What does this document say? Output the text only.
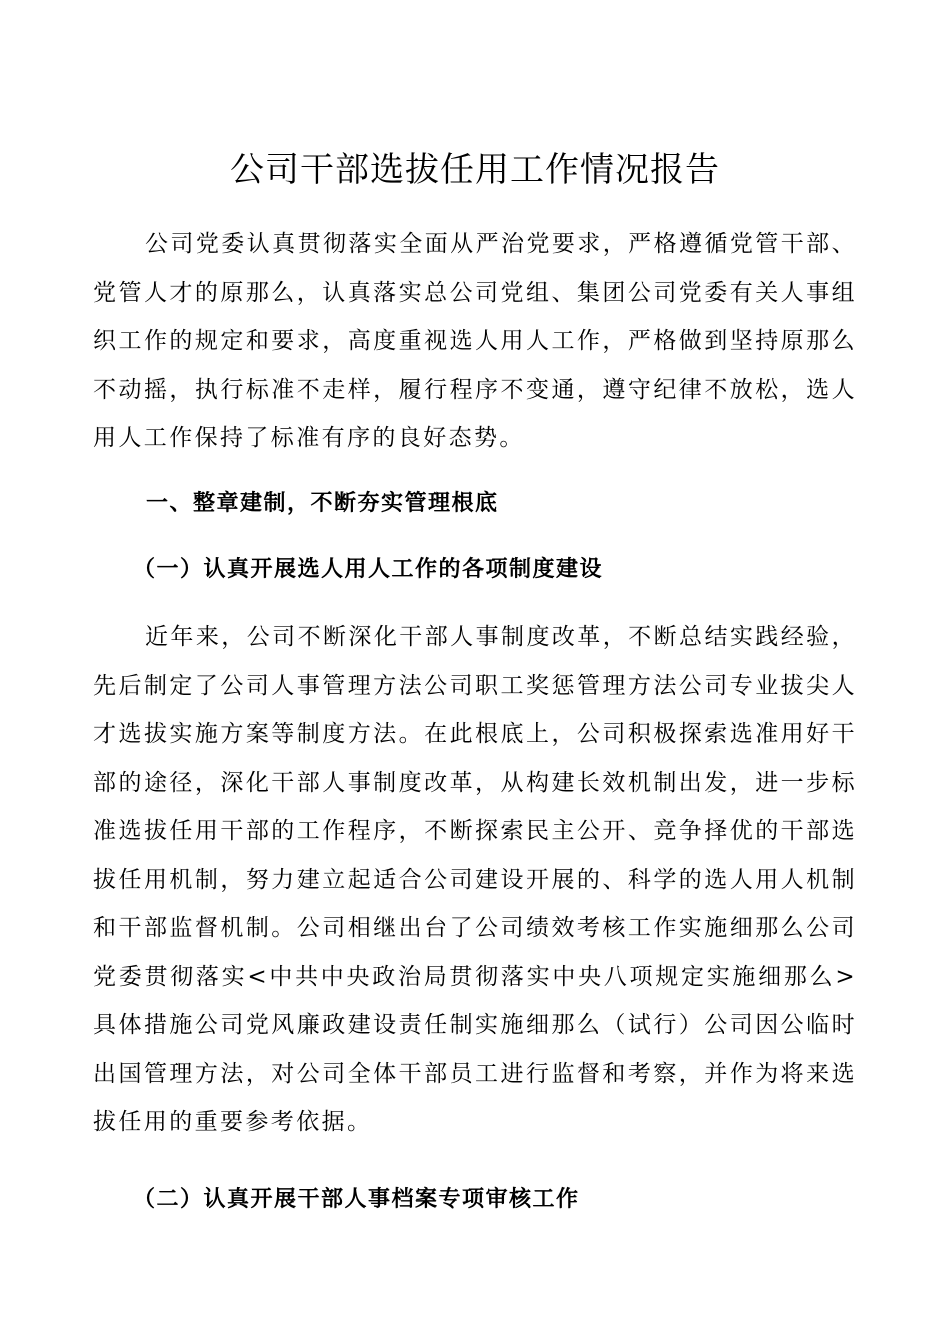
公司干部选拔任用工作情况报告

公司党委认真贯彻落实全面从严治党要求，严格遵循党管干部、党管人才的原那么，认真落实总公司党组、集团公司党委有关人事组织工作的规定和要求，高度重视选人用人工作，严格做到坚持原那么不动摇，执行标准不走样，履行程序不变通，遵守纪律不放松，选人用人工作保持了标准有序的良好态势。

一、整章建制，不断夯实管理根底
（一）认真开展选人用人工作的各项制度建设

近年来，公司不断深化干部人事制度改革，不断总结实践经验，先后制定了公司人事管理方法公司职工奖惩管理方法公司专业拔尖人才选拔实施方案等制度方法。在此根底上，公司积极探索选准用好干部的途径，深化干部人事制度改革，从构建长效机制出发，进一步标准选拔任用干部的工作程序，不断探索民主公开、竞争择优的干部选拔任用机制，努力建立起适合公司建设开展的、科学的选人用人机制和干部监督机制。公司相继出台了公司绩效考核工作实施细那么公司党委贯彻落实<中共中央政治局贯彻落实中央八项规定实施细那么>具体措施公司党风廉政建设责任制实施细那么（试行）公司因公临时出国管理方法，对公司全体干部员工进行监督和考察，并作为将来选拔任用的重要参考依据。

（二）认真开展干部人事档案专项审核工作
